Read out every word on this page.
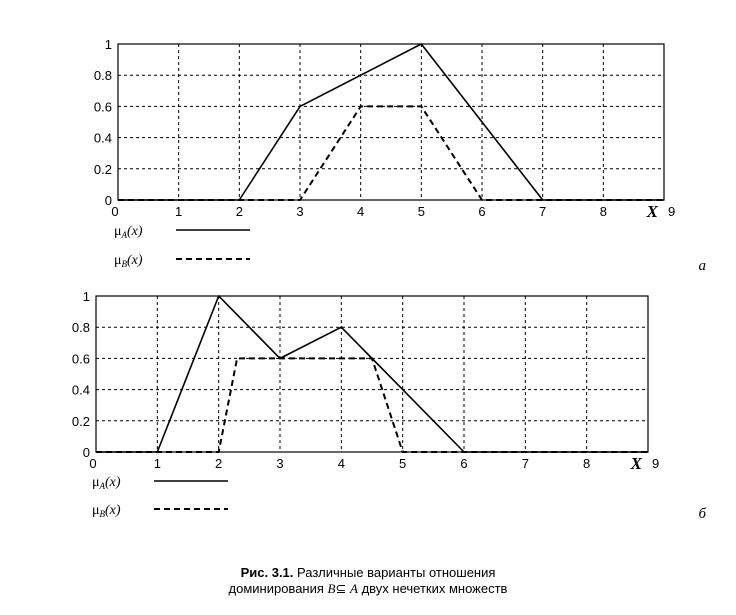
0
0.2
0.4
0.6
0.8
1
0	1	2	3	4	5	6	7	8	9
X
$\mu_A(x)$
$\mu_B(x)$	а
0
0.2
0.4
0.6
0.8
1
0	1	2	3	4	5	6	7	8	9
X
$\mu_A(x)$
$\mu_B(x)$	б
Рис. 3.1. Различные варианты отношения
доминирования B⊆ A двух нечетких множеств
